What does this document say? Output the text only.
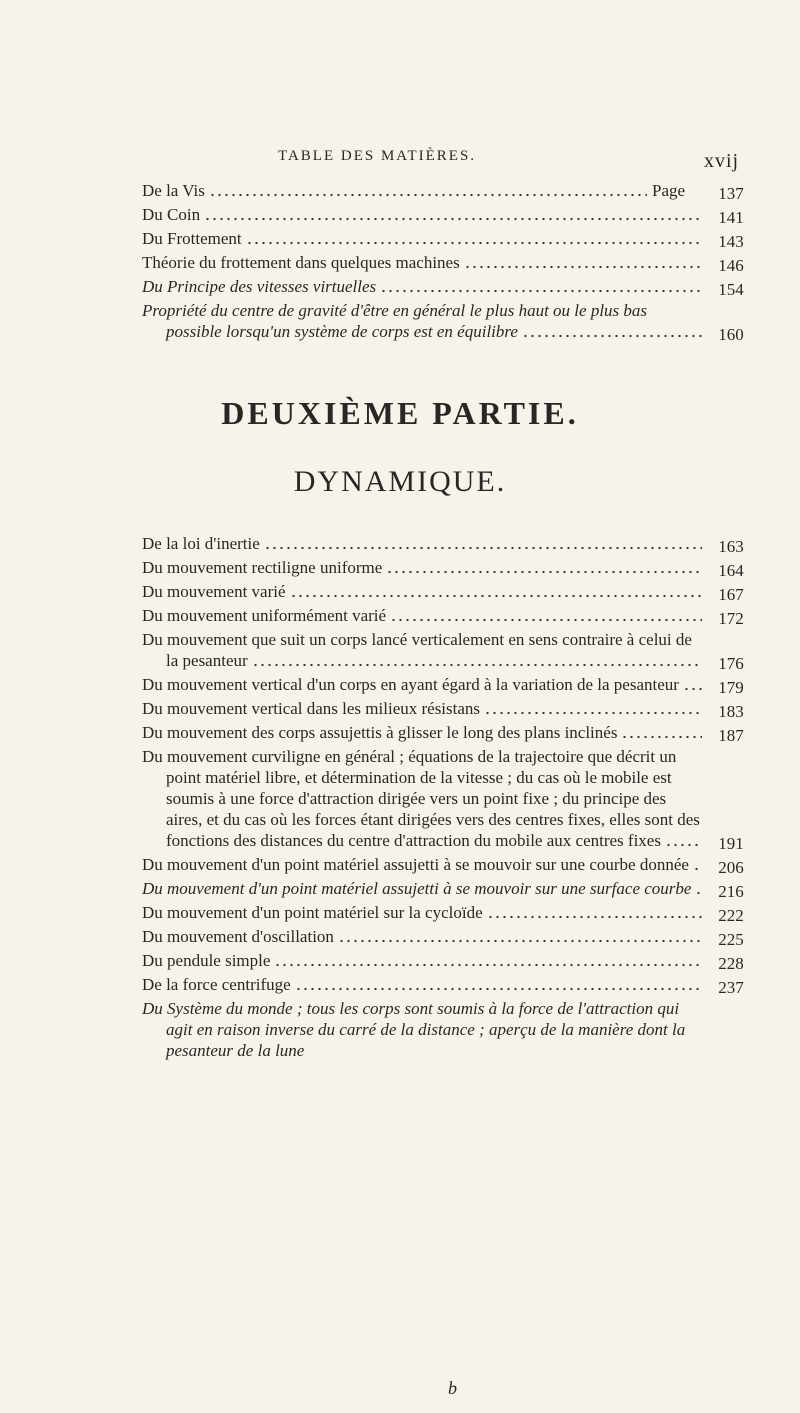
TABLE DES MATIÈRES.	xvij
De la Vis	Page	137
Du Coin	141
Du Frottement	143
Théorie du frottement dans quelques machines	146
Du Principe des vitesses virtuelles	154
Propriété du centre de gravité d'être en général le plus haut ou le plus bas possible lorsqu'un système de corps est en équilibre	160
DEUXIÈME PARTIE.
DYNAMIQUE.
De la loi d'inertie	163
Du mouvement rectiligne uniforme	164
Du mouvement varié	167
Du mouvement uniformément varié	172
Du mouvement que suit un corps lancé verticalement en sens contraire à celui de la pesanteur	176
Du mouvement vertical d'un corps en ayant égard à la variation de la pesanteur	179
Du mouvement vertical dans les milieux résistans	183
Du mouvement des corps assujettis à glisser le long des plans inclinés	187
Du mouvement curviligne en général ; équations de la trajectoire que décrit un point matériel libre, et détermination de la vitesse ; du cas où le mobile est soumis à une force d'attraction dirigée vers un point fixe ; du principe des aires, et du cas où les forces étant dirigées vers des centres fixes, elles sont des fonctions des distances du centre d'attraction du mobile aux centres fixes	191
Du mouvement d'un point matériel assujetti à se mouvoir sur une courbe donnée	206
Du mouvement d'un point matériel assujetti à se mouvoir sur une surface courbe	216
Du mouvement d'un point matériel sur la cycloïde	222
Du mouvement d'oscillation	225
Du pendule simple	228
De la force centrifuge	237
Du Système du monde ; tous les corps sont soumis à la force de l'attraction qui agit en raison inverse du carré de la distance ; aperçu de la manière dont la pesanteur de la lune
b
